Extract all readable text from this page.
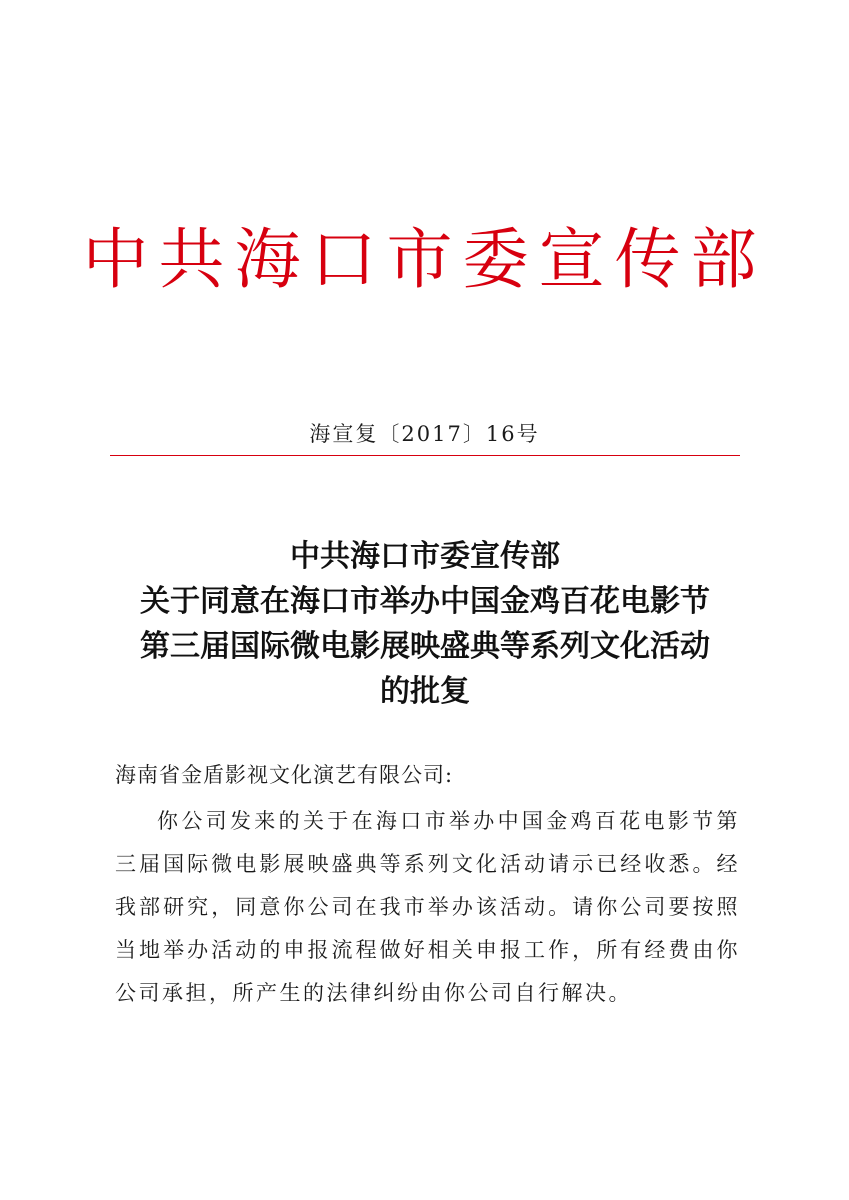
中共海口市委宣传部
海宣复〔2017〕16号
中共海口市委宣传部
关于同意在海口市举办中国金鸡百花电影节
第三届国际微电影展映盛典等系列文化活动
的批复
海南省金盾影视文化演艺有限公司:

你公司发来的关于在海口市举办中国金鸡百花电影节第三届国际微电影展映盛典等系列文化活动请示已经收悉。经我部研究，同意你公司在我市举办该活动。请你公司要按照当地举办活动的申报流程做好相关申报工作，所有经费由你公司承担，所产生的法律纠纷由你公司自行解决。
